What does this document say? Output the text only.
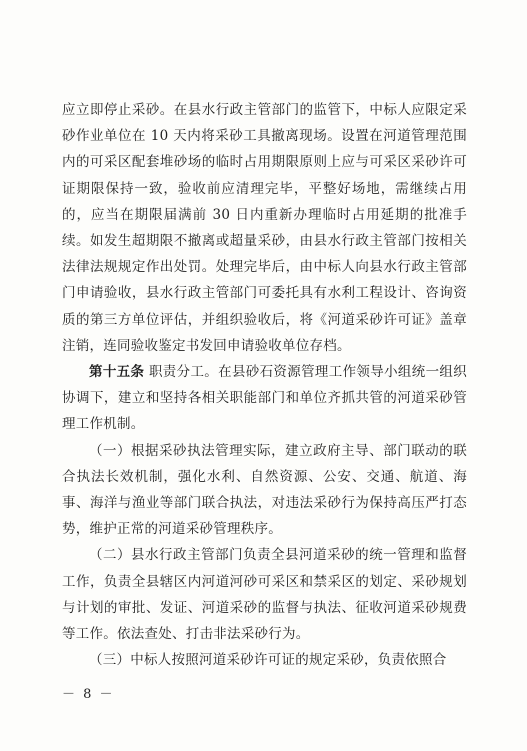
应立即停止采砂。在县水行政主管部门的监管下，中标人应限定采砂作业单位在 10 天内将采砂工具撤离现场。设置在河道管理范围内的可采区配套堆砂场的临时占用期限原则上应与可采区采砂许可证期限保持一致，验收前应清理完毕，平整好场地，需继续占用的，应当在期限届满前 30 日内重新办理临时占用延期的批准手续。如发生超期限不撤离或超量采砂，由县水行政主管部门按相关法律法规规定作出处罚。处理完毕后，由中标人向县水行政主管部门申请验收，县水行政主管部门可委托具有水利工程设计、咨询资质的第三方单位评估，并组织验收后，将《河道采砂许可证》盖章注销，连同验收鉴定书发回申请验收单位存档。

第十五条 职责分工。在县砂石资源管理工作领导小组统一组织协调下，建立和坚持各相关职能部门和单位齐抓共管的河道采砂管理工作机制。

（一）根据采砂执法管理实际，建立政府主导、部门联动的联合执法长效机制，强化水利、自然资源、公安、交通、航道、海事、海洋与渔业等部门联合执法，对违法采砂行为保持高压严打态势，维护正常的河道采砂管理秩序。

（二）县水行政主管部门负责全县河道采砂的统一管理和监督工作，负责全县辖区内河道河砂可采区和禁采区的划定、采砂规划与计划的审批、发证、河道采砂的监督与执法、征收河道采砂规费等工作。依法查处、打击非法采砂行为。

（三）中标人按照河道采砂许可证的规定采砂，负责依照合

－ 8 －
